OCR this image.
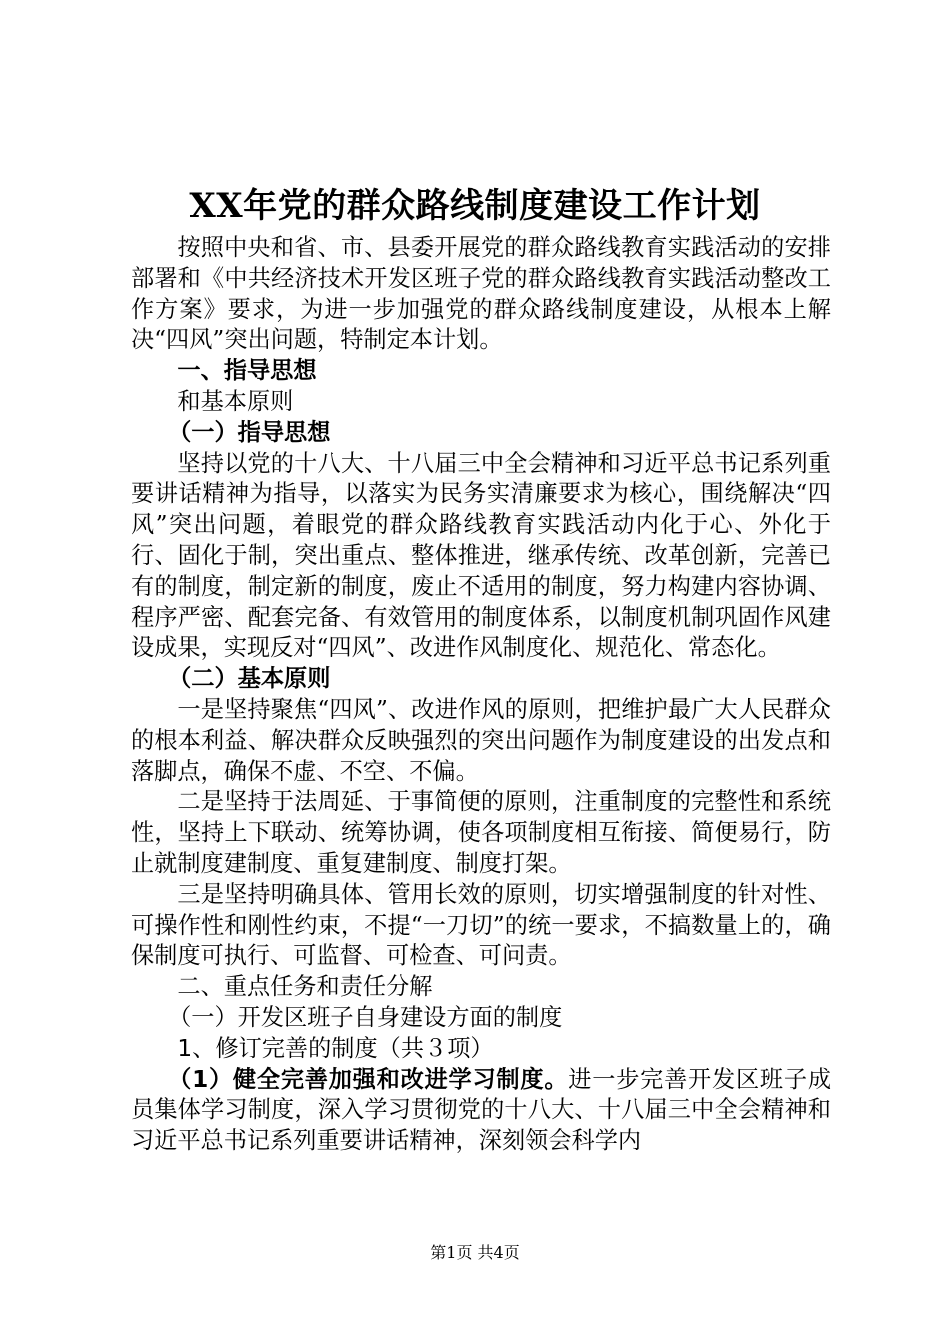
XX年党的群众路线制度建设工作计划

按照中央和省、市、县委开展党的群众路线教育实践活动的安排部署和《中共经济技术开发区班子党的群众路线教育实践活动整改工作方案》要求，为进一步加强党的群众路线制度建设，从根本上解决“四风”突出问题，特制定本计划。

一、指导思想

和基本原则

（一）指导思想

坚持以党的十八大、十八届三中全会精神和习近平总书记系列重要讲话精神为指导，以落实为民务实清廉要求为核心，围绕解决“四风”突出问题，着眼党的群众路线教育实践活动内化于心、外化于行、固化于制，突出重点、整体推进，继承传统、改革创新，完善已有的制度，制定新的制度，废止不适用的制度，努力构建内容协调、程序严密、配套完备、有效管用的制度体系，以制度机制巩固作风建设成果，实现反对“四风”、改进作风制度化、规范化、常态化。

（二）基本原则

一是坚持聚焦“四风”、改进作风的原则，把维护最广大人民群众的根本利益、解决群众反映强烈的突出问题作为制度建设的出发点和落脚点，确保不虚、不空、不偏。

二是坚持于法周延、于事简便的原则，注重制度的完整性和系统性，坚持上下联动、统筹协调，使各项制度相互衔接、简便易行，防止就制度建制度、重复建制度、制度打架。

三是坚持明确具体、管用长效的原则，切实增强制度的针对性、可操作性和刚性约束，不提“一刀切”的统一要求，不搞数量上的，确保制度可执行、可监督、可检查、可问责。

二、重点任务和责任分解

（一）开发区班子自身建设方面的制度

1、修订完善的制度（共３项）

（1）健全完善加强和改进学习制度。进一步完善开发区班子成员集体学习制度，深入学习贯彻党的十八大、十八届三中全会精神和习近平总书记系列重要讲话精神，深刻领会科学内

第1页 共4页
